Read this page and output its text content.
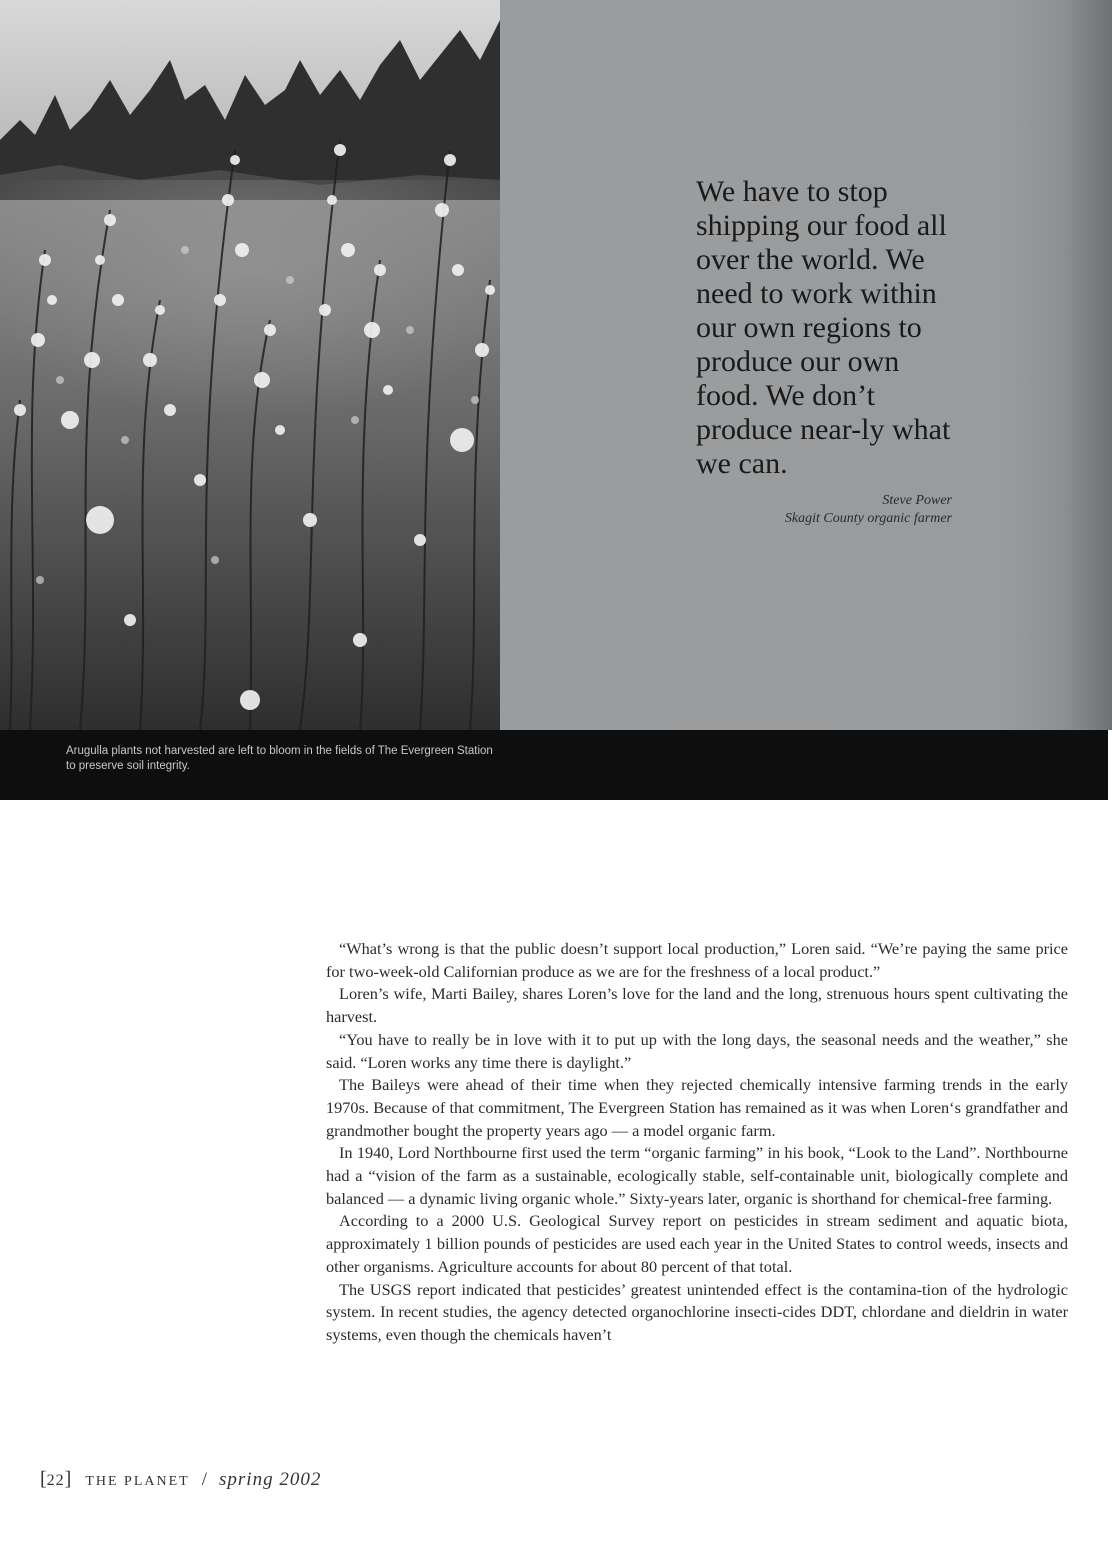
We have to stop shipping our food all over the world. We need to work within our own regions to produce our own food. We don’t produce near-ly what we can.

Steve Power
Skagit County organic farmer

Arugulla plants not harvested are left to bloom in the fields of The Evergreen Station to preserve soil integrity.

“What’s wrong is that the public doesn’t support local production,” Loren said. “We’re paying the same price for two-week-old Californian produce as we are for the freshness of a local product.”

Loren’s wife, Marti Bailey, shares Loren’s love for the land and the long, strenuous hours spent cultivating the harvest.

“You have to really be in love with it to put up with the long days, the seasonal needs and the weather,” she said. “Loren works any time there is daylight.”

The Baileys were ahead of their time when they rejected chemically intensive farming trends in the early 1970s. Because of that commitment, The Evergreen Station has remained as it was when Loren‘s grandfather and grandmother bought the property years ago — a model organic farm.

In 1940, Lord Northbourne first used the term “organic farming” in his book, “Look to the Land”. Northbourne had a “vision of the farm as a sustainable, ecologically stable, self-containable unit, biologically complete and balanced — a dynamic living organic whole.” Sixty-years later, organic is shorthand for chemical-free farming.

According to a 2000 U.S. Geological Survey report on pesticides in stream sediment and aquatic biota, approximately 1 billion pounds of pesticides are used each year in the United States to control weeds, insects and other organisms. Agriculture accounts for about 80 percent of that total.

The USGS report indicated that pesticides’ greatest unintended effect is the contamina-tion of the hydrologic system. In recent studies, the agency detected organochlorine insecti-cides DDT, chlordane and dieldrin in water systems, even though the chemicals haven’t

[22] THE PLANET / spring 2002
